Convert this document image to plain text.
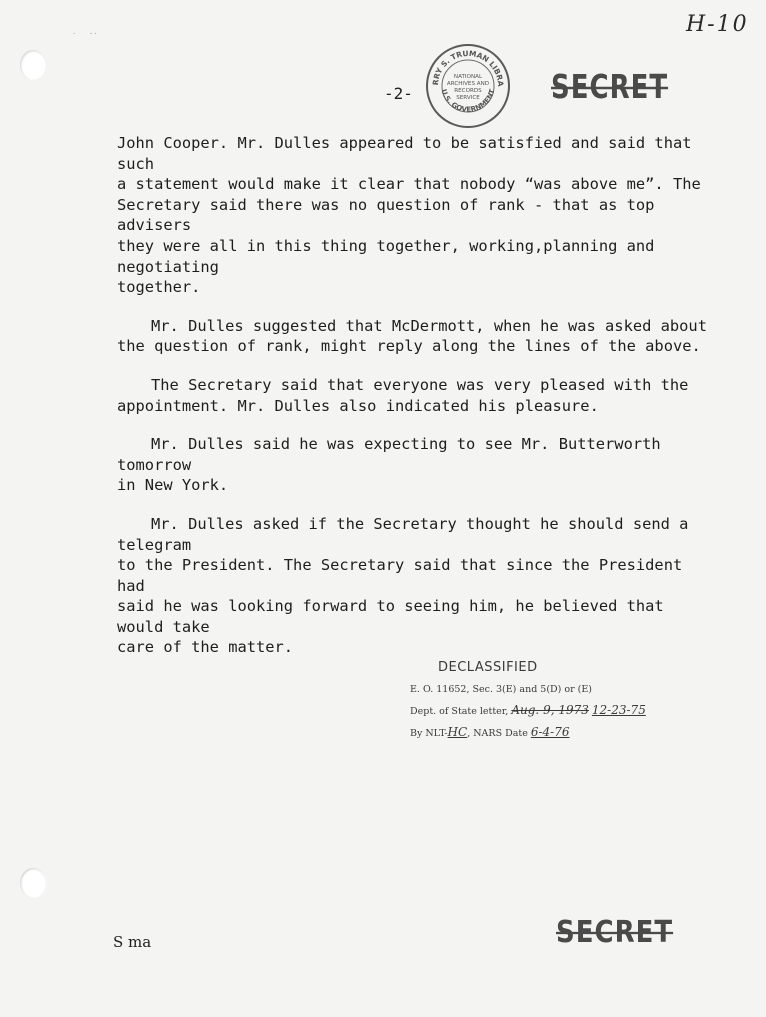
·   ··	H-10
-2-
RRY S. TRUMAN LIBRA
U.S. GOVERNMENT
NATIONAL
ARCHIVES AND
RECORDS
SERVICE	SECRET

John Cooper. Mr. Dulles appeared to be satisfied and said that such
a statement would make it clear that nobody “was above me”. The
Secretary said there was no question of rank - that as top advisers
they were all in this thing together, working,planning and negotiating
together.

Mr. Dulles suggested that McDermott, when he was asked about
the question of rank, might reply along the lines of the above.

The Secretary said that everyone was very pleased with the
appointment. Mr. Dulles also indicated his pleasure.

Mr. Dulles said he was expecting to see Mr. Butterworth tomorrow
in New York.

Mr. Dulles asked if the Secretary thought he should send a telegram
to the President. The Secretary said that since the President had
said he was looking forward to seeing him, he believed that would take
care of the matter.

DECLASSIFIED
E. O. 11652, Sec. 3(E) and 5(D) or (E)
Dept. of State letter, Aug. 9, 1973 12-23-75
By NLT-HC, NARS Date 6-4-76
S ma	SECRET
